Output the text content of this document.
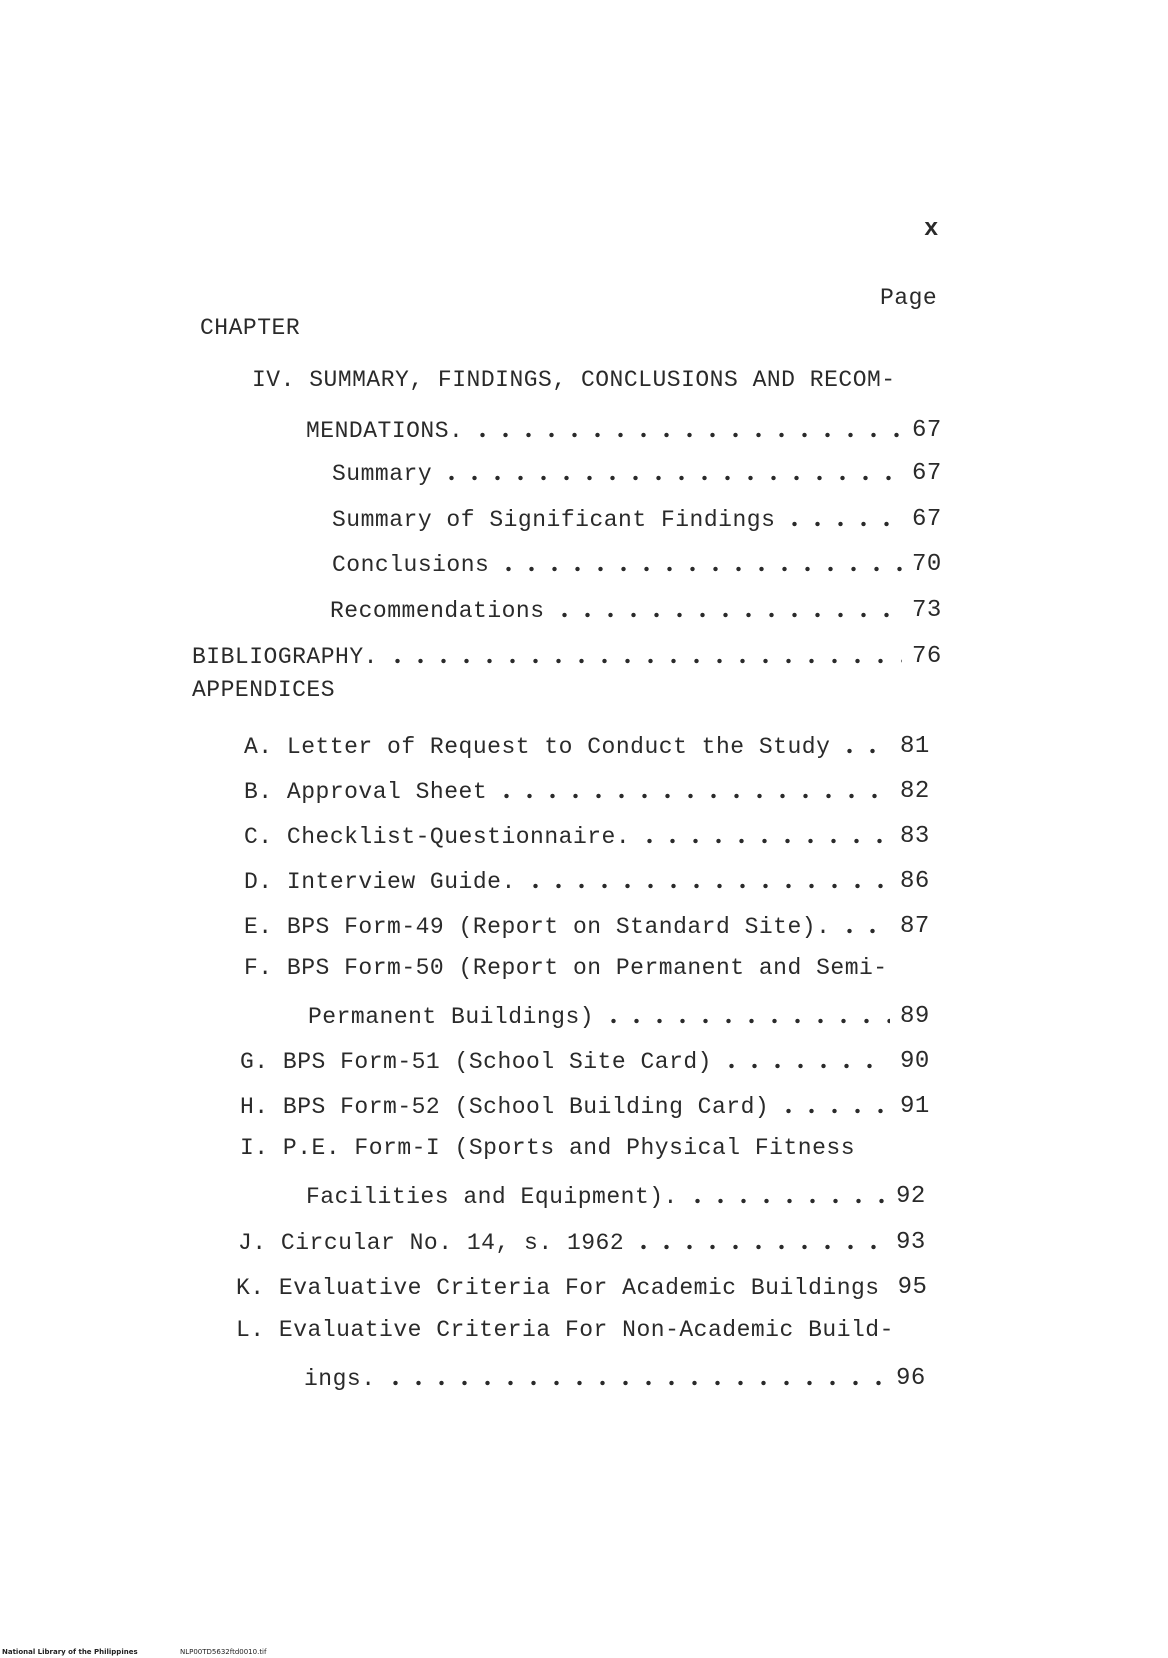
x
Page
CHAPTER
IV. SUMMARY, FINDINGS, CONCLUSIONS AND RECOM-
MENDATIONS.	67
Summary	67
Summary of Significant Findings	67
Conclusions	70
Recommendations	73
BIBLIOGRAPHY.	76
APPENDICES
A. Letter of Request to Conduct the Study	81
B. Approval Sheet	82
C. Checklist-Questionnaire.	83
D. Interview Guide.	86
E. BPS Form-49 (Report on Standard Site).	87
F. BPS Form-50 (Report on Permanent and Semi-
Permanent Buildings)	89
G. BPS Form-51 (School Site Card)	90
H. BPS Form-52 (School Building Card)	91
I. P.E. Form-I (Sports and Physical Fitness
Facilities and Equipment).	92
J. Circular No. 14, s. 1962	93
K. Evaluative Criteria For Academic Buildings 95
L. Evaluative Criteria For Non-Academic Build-
ings.	96
National Library of the Philippines	NLP00TD5632ftd0010.tif
